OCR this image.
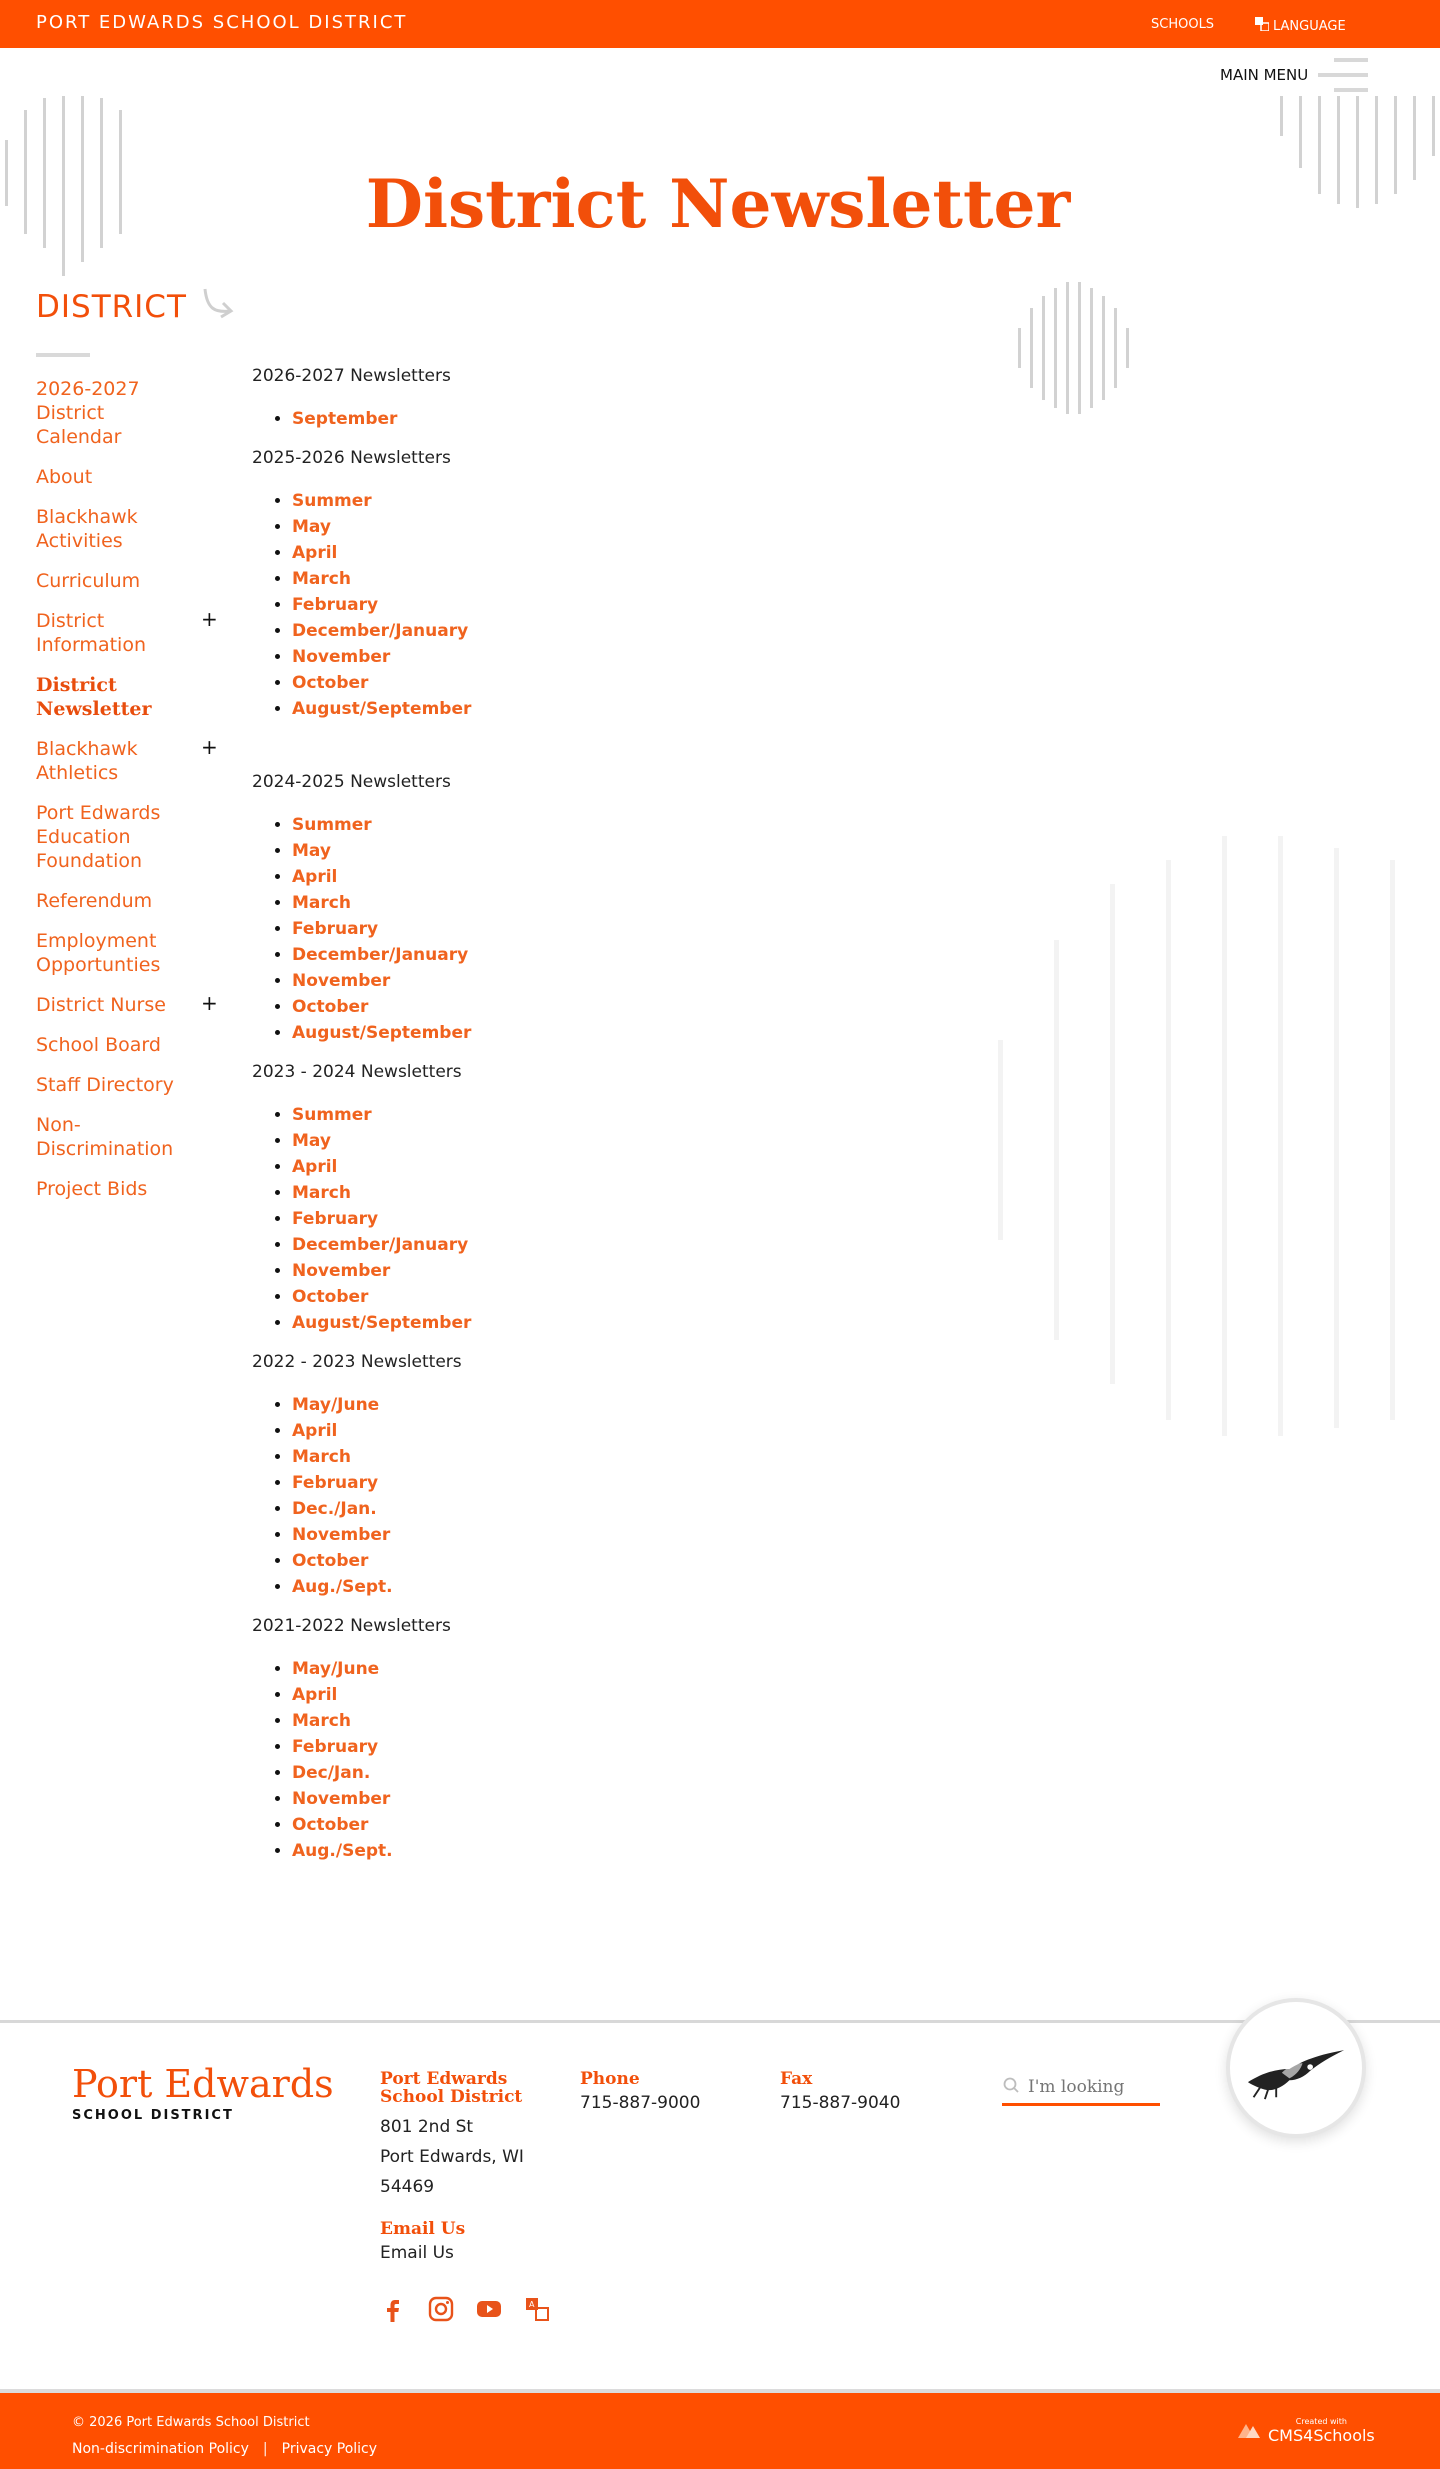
PORT EDWARDS SCHOOL DISTRICT	SCHOOLS	LANGUAGE
MAIN MENU
District Newsletter
DISTRICT
2026-2027 District Calendar
About
Blackhawk Activities
Curriculum
District Information
+
District Newsletter
Blackhawk Athletics
+
Port Edwards Education Foundation
Referendum
Employment Opportunties
District Nurse +
School Board
Staff Directory
Non-Discrimination
Project Bids
2026-2027 Newsletters
• September
2025-2026 Newsletters
• Summer
• May
• April
• March
• February
• December/January
• November
• October
• August/September
2024-2025 Newsletters
• Summer
• May
• April
• March
• February
• December/January
• November
• October
• August/September
2023 - 2024 Newsletters
• Summer
• May
• April
• March
• February
• December/January
• November
• October
• August/September
2022 - 2023 Newsletters
• May/June
• April
• March
• February
• Dec./Jan.
• November
• October
• Aug./Sept.
2021-2022 Newsletters
• May/June
• April
• March
• February
• Dec/Jan.
• November
• October
• Aug./Sept.
Port Edwards
SCHOOL DISTRICT
Port Edwards School District
801 2nd St
Port Edwards, WI 54469
Email Us
Email Us
Phone
715-887-9000
Fax
715-887-9040
I'm looking
A
© 2026 Port Edwards School District
Non-discrimination Policy | Privacy Policy
Created with
CMS4Schools
